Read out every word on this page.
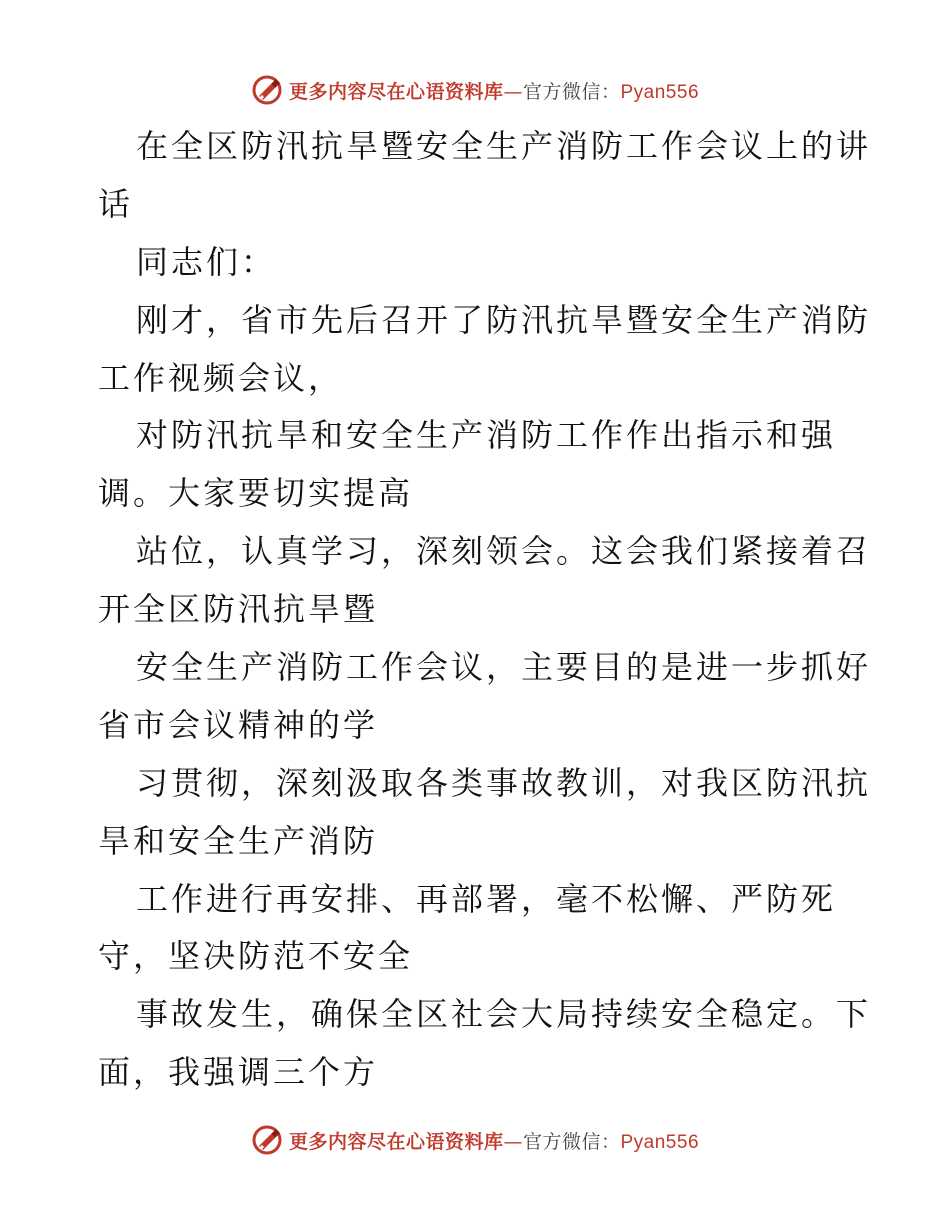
更多内容尽在心语资料库—官方微信：Pyan556
在全区防汛抗旱暨安全生产消防工作会议上的讲
话
同志们：
刚才，省市先后召开了防汛抗旱暨安全生产消防
工作视频会议，
对防汛抗旱和安全生产消防工作作出指示和强
调。大家要切实提高
站位，认真学习，深刻领会。这会我们紧接着召
开全区防汛抗旱暨
安全生产消防工作会议，主要目的是进一步抓好
省市会议精神的学
习贯彻，深刻汲取各类事故教训，对我区防汛抗
旱和安全生产消防
工作进行再安排、再部署，毫不松懈、严防死
守，坚决防范不安全
事故发生，确保全区社会大局持续安全稳定。下
面，我强调三个方
更多内容尽在心语资料库—官方微信：Pyan556
